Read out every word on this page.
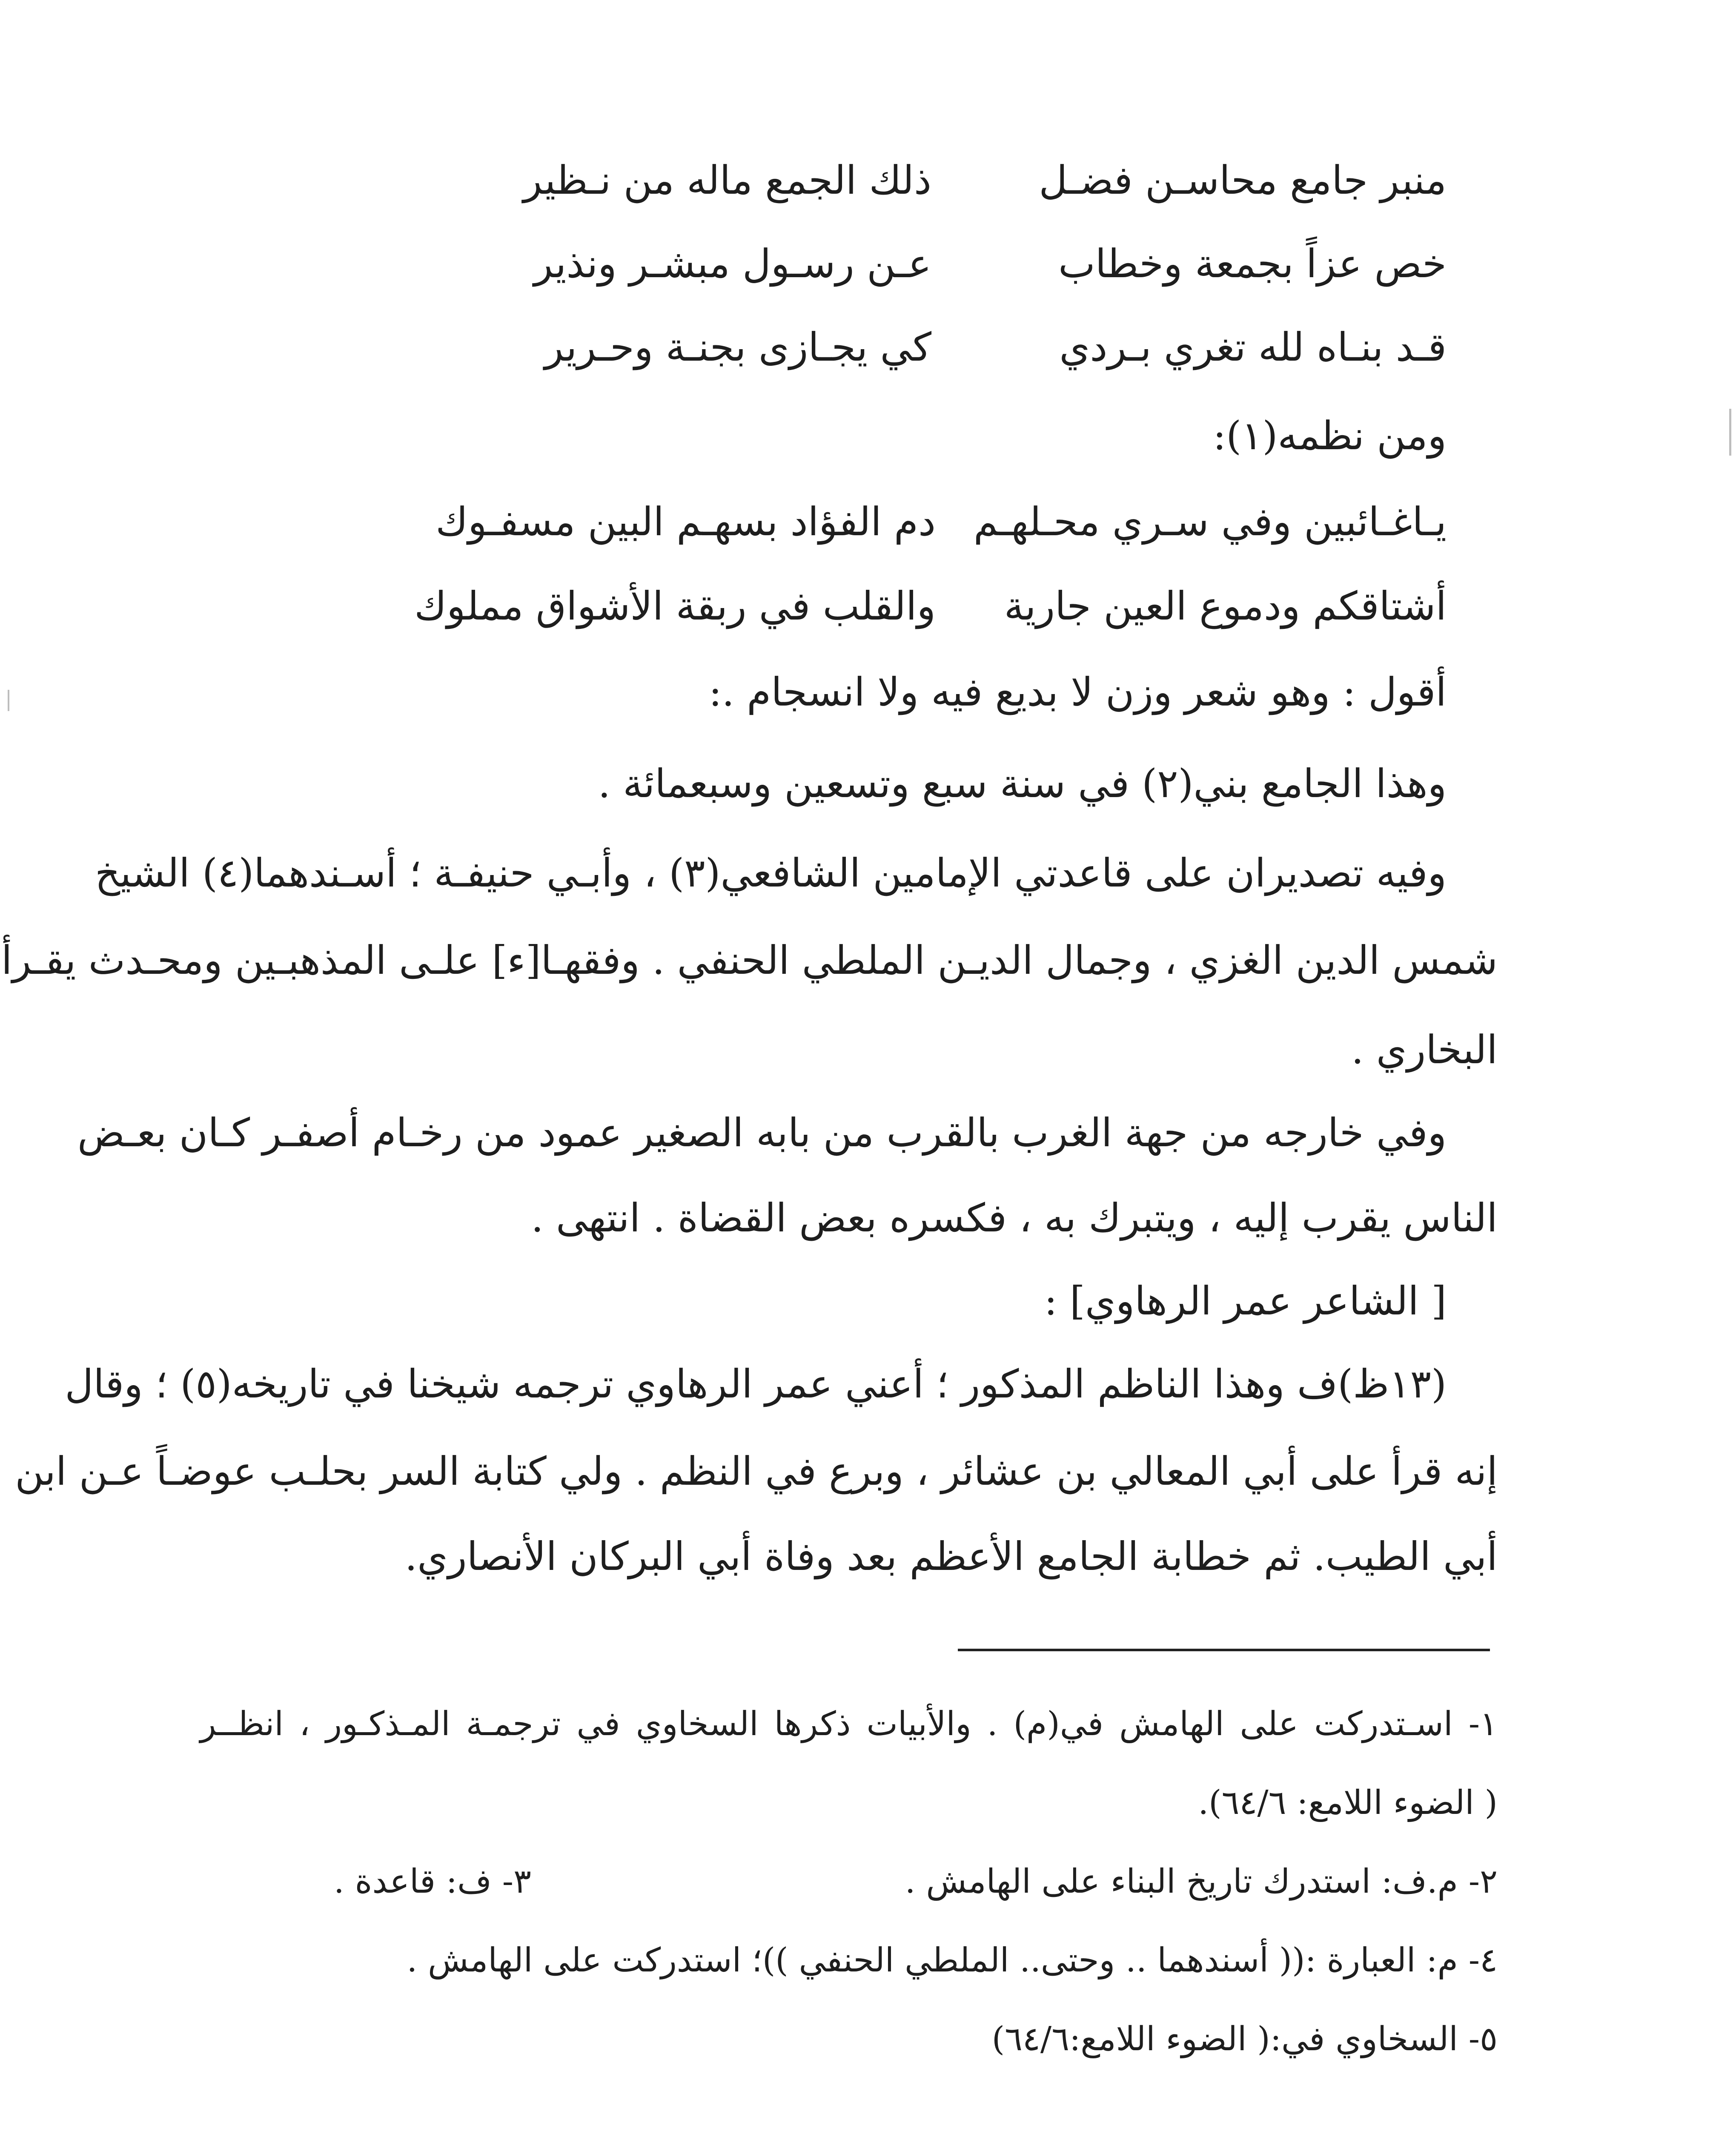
منبر جامع محاسـن فضـل
ذلك الجمع ماله من نـظير
خص عزاً بجمعة وخطاب
عـن رسـول مبشـر ونذير
قـد بنـاه لله تغري بـردي
كي يجـازى بجنـة وحـرير
ومن نظمه(١):
يـاغـائبين وفي سـري محـلهـم
دم الفؤاد بسهـم البين مسفـوك
أشتاقكم ودموع العين جارية
والقلب في ربقة الأشواق مملوك
أقول : وهو شعر وزن لا بديع فيه ولا انسجام .:
وهذا الجامع بني(٢) في سنة سبع وتسعين وسبعمائة .
وفيه تصديران على قاعدتي الإمامين الشافعي(٣) ، وأبـي حنيفـة ؛ أسـندهما(٤) الشيخ
شمس الدين الغزي ، وجمال الديـن الملطي الحنفي . وفقهـا[ء] علـى المذهبـين ومحـدث يقـرأ
البخاري .
وفي خارجه من جهة الغرب بالقرب من بابه الصغير عمود من رخـام أصفـر كـان بعـض
الناس يقرب إليه ، ويتبرك به ، فكسره بعض القضاة . انتهى .
[ الشاعر عمر الرهاوي] :
(١٣ظ)ف وهذا الناظم المذكور ؛ أعني عمر الرهاوي ترجمه شيخنا في تاريخه(٥) ؛ وقال
إنه قرأ على أبي المعالي بن عشائر ، وبرع في النظم . ولي كتابة السر بحلـب عوضـاً عـن ابن
أبي الطيب. ثم خطابة الجامع الأعظم بعد وفاة أبي البركان الأنصاري.
١- اسـتدركت على الهامش في(م) . والأبيات ذكرها السخاوي في ترجمـة المـذكـور ، انظــر
( الضوء اللامع: ٦٤/٦).
٢- م.ف: استدرك تاريخ البناء على الهامش .
٣- ف: قاعدة .
٤- م: العبارة :(( أسندهما .. وحتى.. الملطي الحنفي ))؛ استدركت على الهامش .
٥- السخاوي في:( الضوء اللامع:٦٤/٦)
